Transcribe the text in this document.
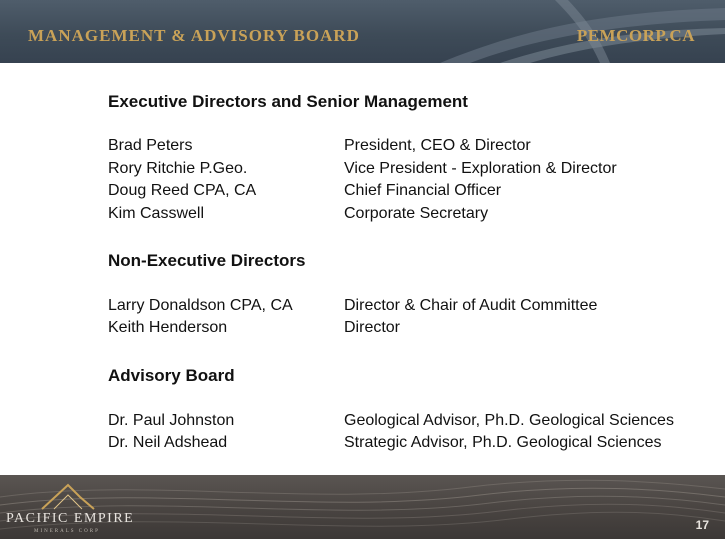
MANAGEMENT & ADVISORY BOARD	PEMCORP.CA
Executive Directors and Senior Management
Brad Peters	President, CEO & Director
Rory Ritchie P.Geo.	Vice President - Exploration & Director
Doug Reed CPA, CA	Chief Financial Officer
Kim Casswell	Corporate Secretary
Non-Executive Directors
Larry Donaldson CPA, CA	Director & Chair of Audit Committee
Keith Henderson	Director
Advisory Board
Dr. Paul Johnston	Geological Advisor, Ph.D. Geological Sciences
Dr. Neil Adshead	Strategic Advisor, Ph.D. Geological Sciences
PACIFIC EMPIRE
MINERALS CORP	17
